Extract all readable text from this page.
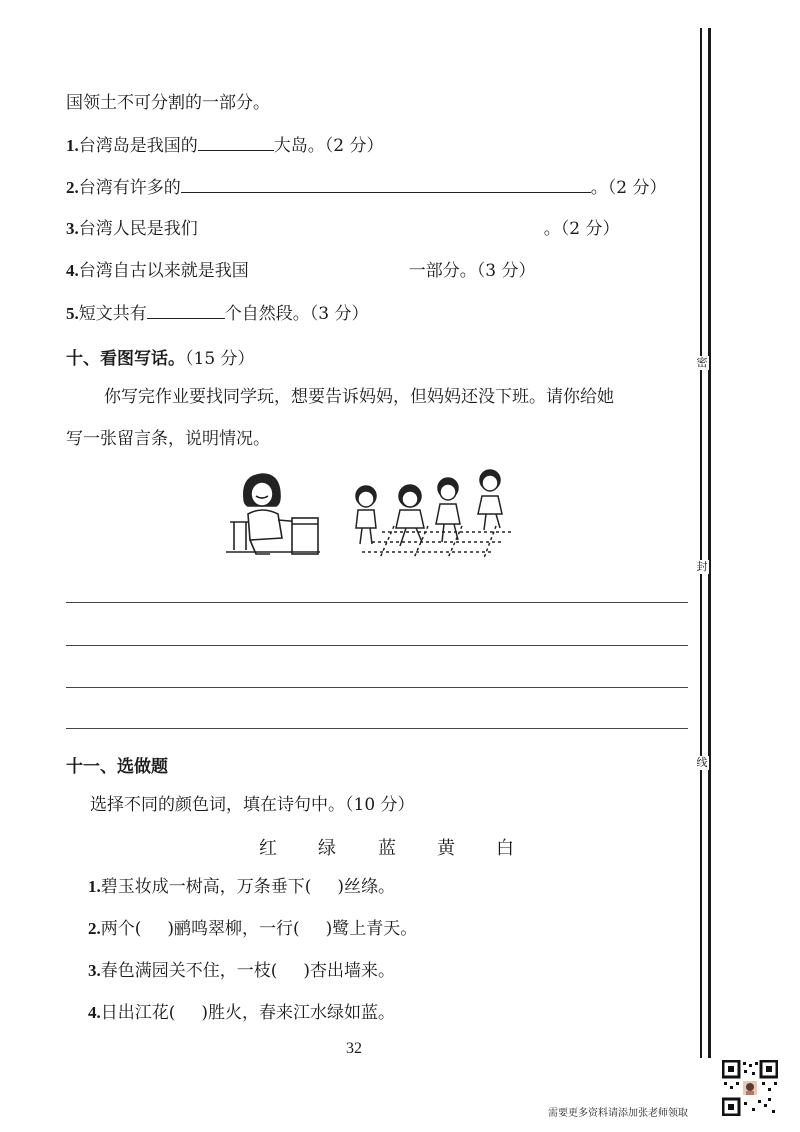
国领土不可分割的一部分。
1.台湾岛是我国的	大岛。（2 分）
2.台湾有许多的	。（2 分）
3.台湾人民是我们	。（2 分）
4.台湾自古以来就是我国	一部分。（3 分）
5.短文共有	个自然段。（3 分）
十、看图写话。（15 分）
你写完作业要找同学玩，想要告诉妈妈，但妈妈还没下班。请你给她
写一张留言条，说明情况。
十一、选做题
选择不同的颜色词，填在诗句中。（10 分）
红 绿 蓝 黄 白
1.碧玉妆成一树高，万条垂下( )丝绦。
2.两个( )鹂鸣翠柳，一行( )鹭上青天。
3.春色满园关不住，一枝( )杏出墙来。
4.日出江花( )胜火，春来江水绿如蓝。
32
密
封
线
需要更多资料请添加张老师领取
